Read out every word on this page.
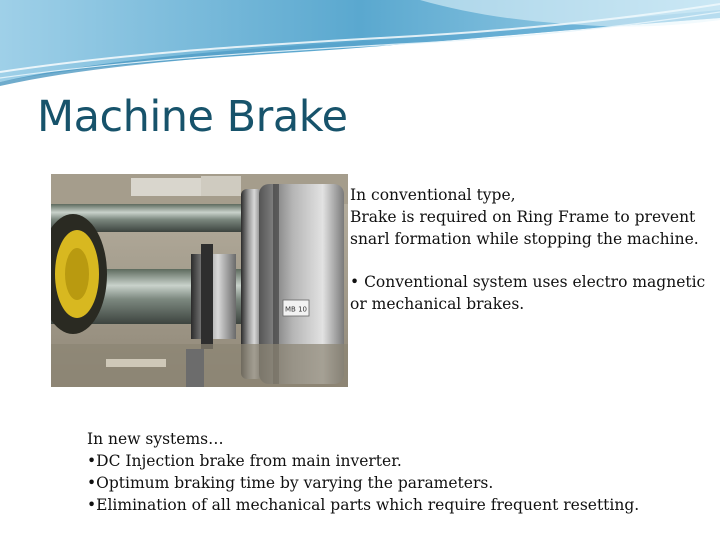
Machine Brake
MB 10

In conventional type,

Brake is required on Ring Frame to prevent

snarl formation while stopping the machine.

• Conventional system uses electro magnetic

or mechanical brakes.

In new systems…
•DC Injection brake from main inverter.
•Optimum braking time by varying the parameters.
•Elimination of all mechanical parts which require frequent resetting.
